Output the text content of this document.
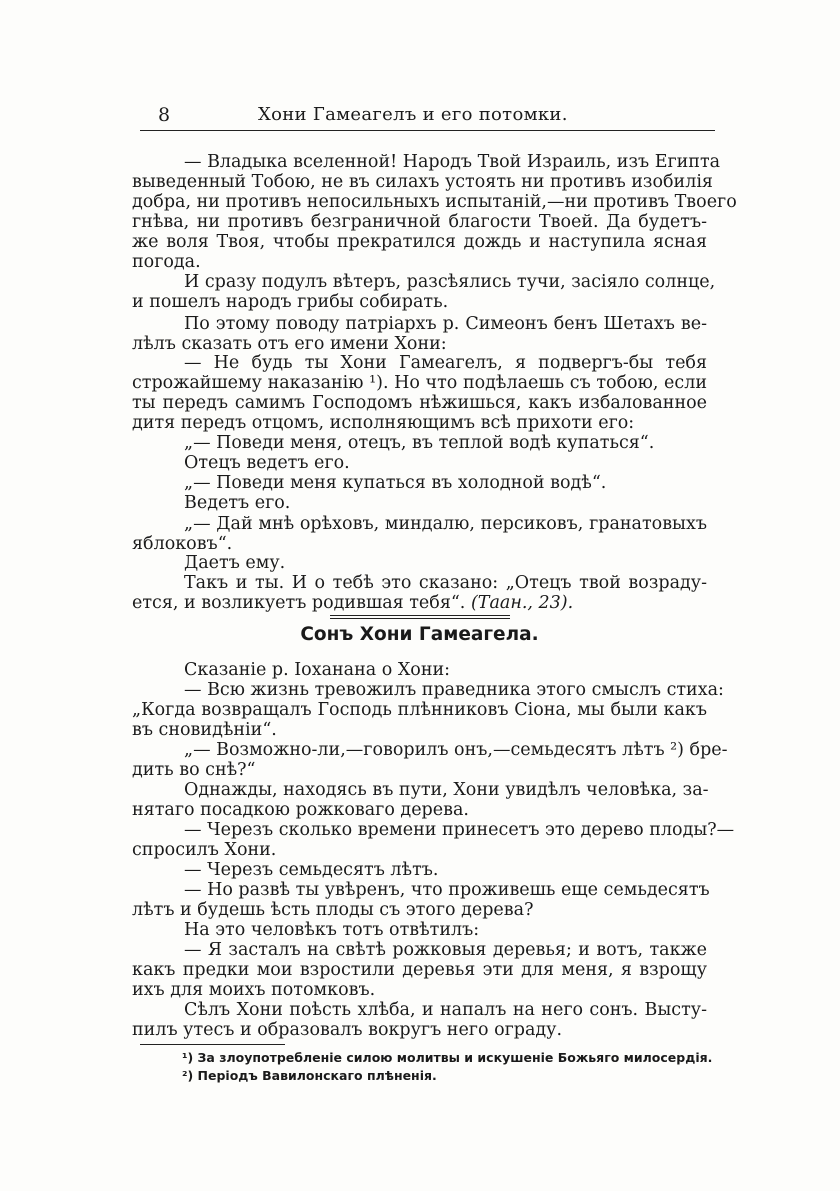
8	Хони Гамеагелъ и его потомки.
— Владыка вселенной! Народъ Твой Израиль, изъ Египта
выведенный Тобою, не въ силахъ устоять ни противъ изобилія
добра, ни противъ непосильныхъ испытаній,—ни противъ Твоего
гнѣва, ни противъ безграничной благости Твоей. Да будетъ-
же воля Твоя, чтобы прекратился дождь и наступила ясная
погода.
И сразу подулъ вѣтеръ, разсѣялись тучи, засіяло солнце,
и пошелъ народъ грибы собирать.
По этому поводу патріархъ р. Симеонъ бенъ Шетахъ ве-
лѣлъ сказать отъ его имени Хони:
— Не будь ты Хони Гамеагелъ, я подвергъ-бы тебя
строжайшему наказанію ¹). Но что подѣлаешь съ тобою, если
ты передъ самимъ Господомъ нѣжишься, какъ избалованное
дитя передъ отцомъ, исполняющимъ всѣ прихоти его:
„— Поведи меня, отецъ, въ теплой водѣ купаться“.
Отецъ ведетъ его.
„— Поведи меня купаться въ холодной водѣ“.
Ведетъ его.
„— Дай мнѣ орѣховъ, миндалю, персиковъ, гранатовыхъ
яблоковъ“.
Даетъ ему.
Такъ и ты. И о тебѣ это сказано: „Отецъ твой возраду-
ется, и возликуетъ родившая тебя“. (Таан., 23).
Сонъ Хони Гамеагела.
Сказаніе р. Іоханана о Хони:
— Всю жизнь тревожилъ праведника этого смыслъ стиха:
„Когда возвращалъ Господь плѣнниковъ Сіона, мы были какъ
въ сновидѣніи“.
„— Возможно-ли,—говорилъ онъ,—семьдесятъ лѣтъ ²) бре-
дить во снѣ?“
Однажды, находясь въ пути, Хони увидѣлъ человѣка, за-
нятаго посадкою рожковаго дерева.
— Черезъ сколько времени принесетъ это дерево плоды?—
спросилъ Хони.
— Черезъ семьдесятъ лѣтъ.
— Но развѣ ты увѣренъ, что проживешь еще семьдесятъ
лѣтъ и будешь ѣсть плоды съ этого дерева?
На это человѣкъ тотъ отвѣтилъ:
— Я засталъ на свѣтѣ рожковыя деревья; и вотъ, также
какъ предки мои взростили деревья эти для меня, я взрощу
ихъ для моихъ потомковъ.
Сѣлъ Хони поѣсть хлѣба, и напалъ на него сонъ. Высту-
пилъ утесъ и образовалъ вокругъ него ограду.
¹) За злоупотребленіе силою молитвы и искушеніе Божьяго милосердія.
²) Періодъ Вавилонскаго плѣненія.
